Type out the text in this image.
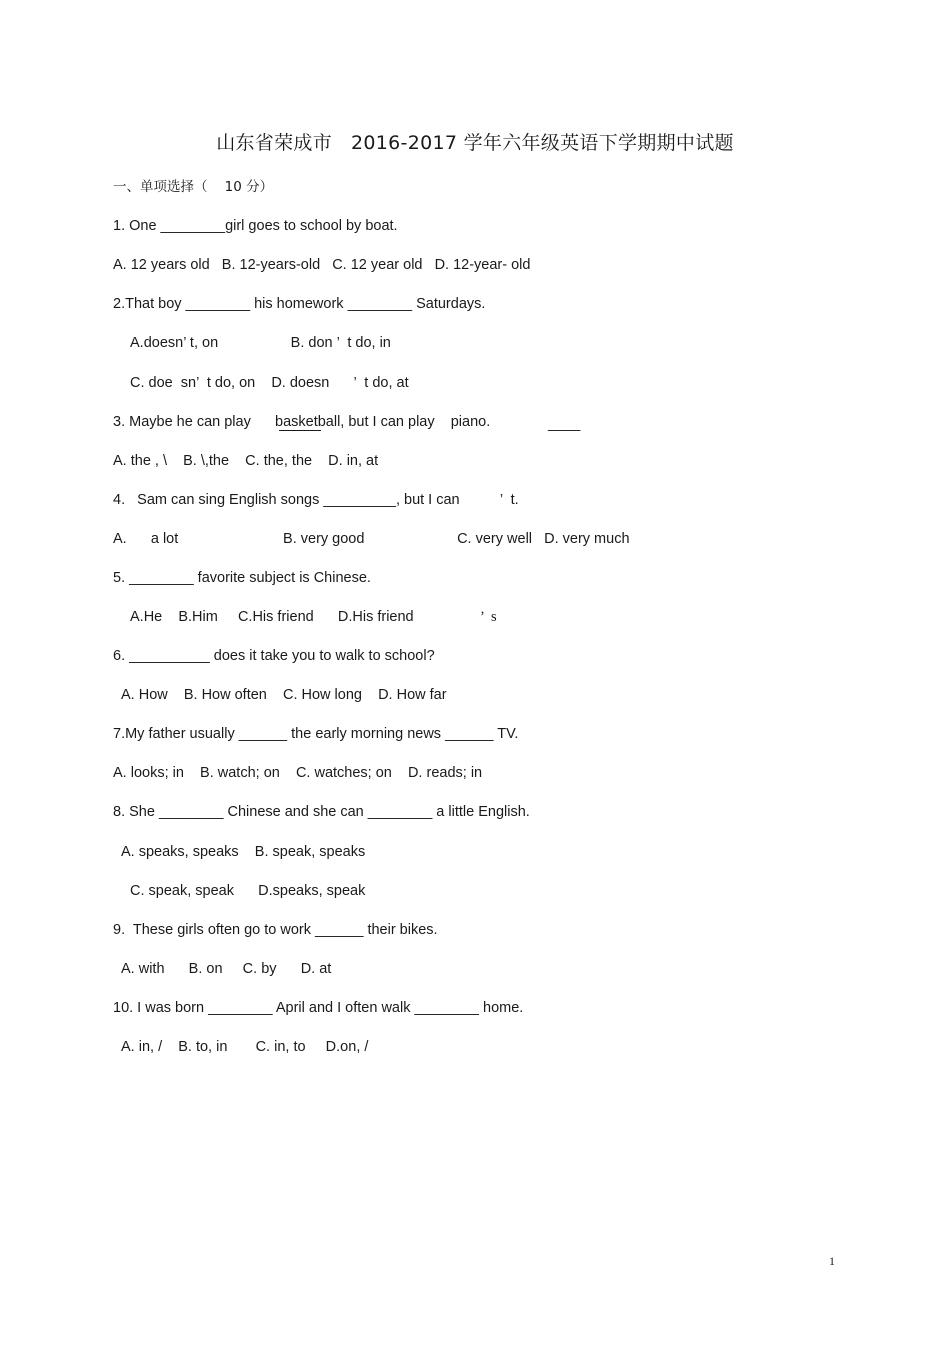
山东省荣成市   2016-2017 学年六年级英语下学期期中试题
一、单项选择（    10 分）
1. One ________girl goes to school by boat.
A. 12 years old   B. 12-years-old   C. 12 year old   D. 12-year- old
2.That boy ________ his homework ________ Saturdays.
A.doesn’ t, on                  B. don ’  t do, in
C. doe  sn’  t do, on    D. doesn      ’  t do, at
3. Maybe he can play      basketball, but I can play    piano.	____
A. the , \    B. \,the    C. the, the    D. in, at
4.   Sam can sing English songs _________, but I can          ’  t.
A.      a lot                          B. very good                       C. very well   D. very much
5. ________ favorite subject is Chinese.
A.He    B.Him     C.His friend      D.His friend	’  s
6. __________ does it take you to walk to school?
A. How    B. How often    C. How long    D. How far
7.My father usually ______ the early morning news ______ TV.
A. looks; in    B. watch; on    C. watches; on    D. reads; in
8. She ________ Chinese and she can ________ a little English.
A. speaks, speaks    B. speak, speaks
C. speak, speak      D.speaks, speak
9.  These girls often go to work ______ their bikes.
A. with      B. on     C. by      D. at
10. I was born ________ April and I often walk ________ home.
A. in, /    B. to, in       C. in, to     D.on, /
1
